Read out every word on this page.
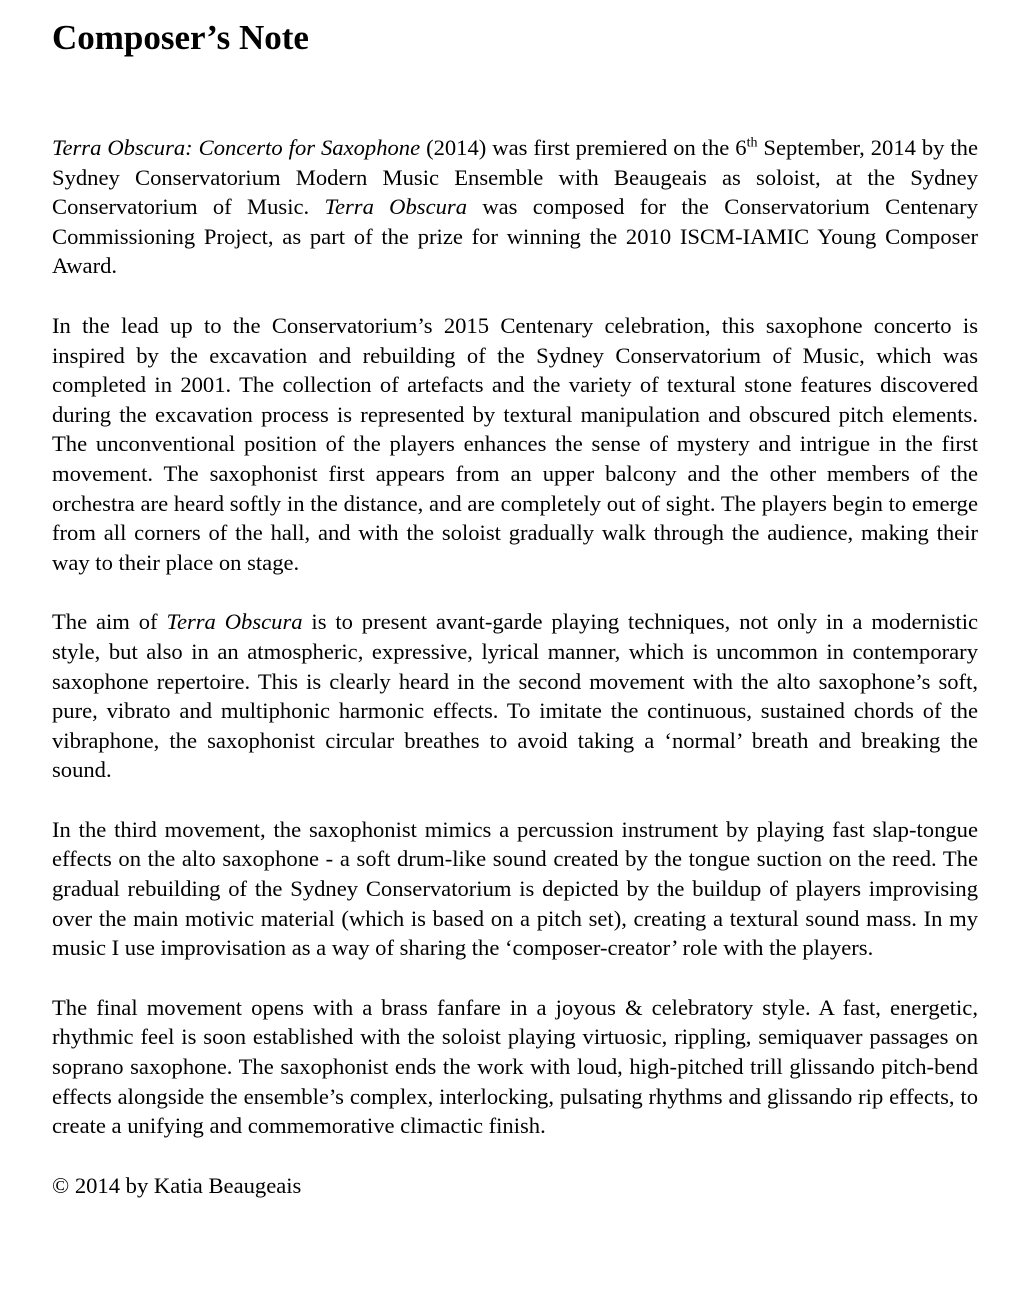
Composer’s Note

Terra Obscura: Concerto for Saxophone (2014) was first premiered on the 6th September, 2014 by the Sydney Conservatorium Modern Music Ensemble with Beaugeais as soloist, at the Sydney Conservatorium of Music. Terra Obscura was composed for the Conservatorium Centenary Commissioning Project, as part of the prize for winning the 2010 ISCM-IAMIC Young Composer Award.

In the lead up to the Conservatorium’s 2015 Centenary celebration, this saxophone concerto is inspired by the excavation and rebuilding of the Sydney Conservatorium of Music, which was completed in 2001. The collection of artefacts and the variety of textural stone features discovered during the excavation process is represented by textural manipulation and obscured pitch elements. The unconventional position of the players enhances the sense of mystery and intrigue in the first movement. The saxophonist first appears from an upper balcony and the other members of the orchestra are heard softly in the distance, and are completely out of sight. The players begin to emerge from all corners of the hall, and with the soloist gradually walk through the audience, making their way to their place on stage.

The aim of Terra Obscura is to present avant-garde playing techniques, not only in a modernistic style, but also in an atmospheric, expressive, lyrical manner, which is uncommon in contemporary saxophone repertoire. This is clearly heard in the second movement with the alto saxophone’s soft, pure, vibrato and multiphonic harmonic effects. To imitate the continuous, sustained chords of the vibraphone, the saxophonist circular breathes to avoid taking a ‘normal’ breath and breaking the sound.

In the third movement, the saxophonist mimics a percussion instrument by playing fast slap-tongue effects on the alto saxophone - a soft drum-like sound created by the tongue suction on the reed. The gradual rebuilding of the Sydney Conservatorium is depicted by the buildup of players improvising over the main motivic material (which is based on a pitch set), creating a textural sound mass. In my music I use improvisation as a way of sharing the ‘composer-creator’ role with the players.

The final movement opens with a brass fanfare in a joyous & celebratory style. A fast, energetic, rhythmic feel is soon established with the soloist playing virtuosic, rippling, semiquaver passages on soprano saxophone. The saxophonist ends the work with loud, high-pitched trill glissando pitch-bend effects alongside the ensemble’s complex, interlocking, pulsating rhythms and glissando rip effects, to create a unifying and commemorative climactic finish.

© 2014 by Katia Beaugeais
